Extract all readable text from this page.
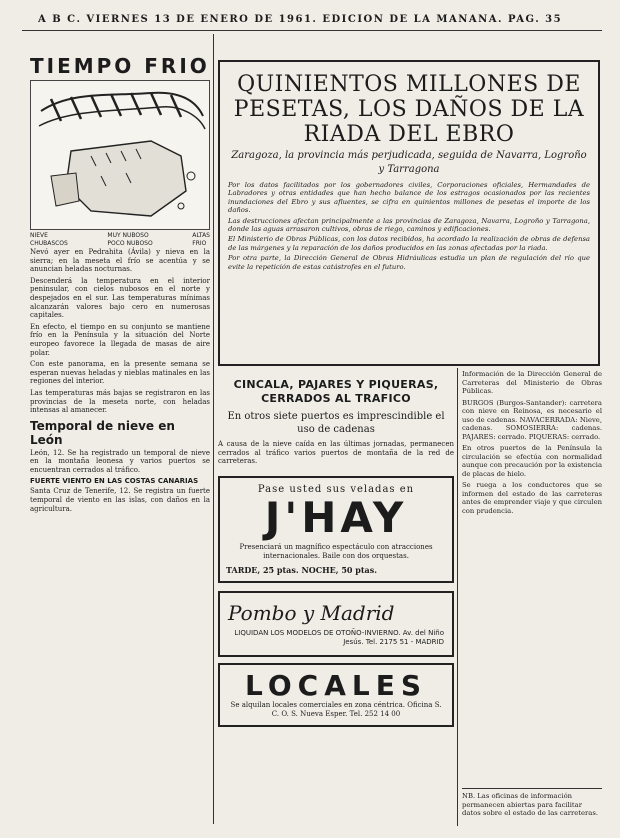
A B C. VIERNES 13 DE ENERO DE 1961. EDICION DE LA MAÑANA. PAG. 35
TIEMPO FRIO
NIEVE
CHUBASCOS
MUY NUBOSO
POCO NUBOSO
ALTAS
FRIO

Nevó ayer en Pedrahita (Ávila) y nieva en la sierra; en la meseta el frío se acentúa y se anuncian heladas nocturnas.

Descenderá la temperatura en el interior peninsular, con cielos nubosos en el norte y despejados en el sur. Las temperaturas mínimas alcanzarán valores bajo cero en numerosas capitales.

En efecto, el tiempo en su conjunto se mantiene frío en la Península y la situación del Norte europeo favorece la llegada de masas de aire polar.

Con este panorama, en la presente semana se esperan nuevas heladas y nieblas matinales en las regiones del interior.

Las temperaturas más bajas se registraron en las provincias de la meseta norte, con heladas intensas al amanecer.

Temporal de nieve en León

León, 12. Se ha registrado un temporal de nieve en la montaña leonesa y varios puertos se encuentran cerrados al tráfico.

FUERTE VIENTO EN LAS COSTAS CANARIAS

Santa Cruz de Tenerife, 12. Se registra un fuerte temporal de viento en las islas, con daños en la agricultura.

QUINIENTOS MILLONES DE PESETAS, LOS DAÑOS DE LA RIADA DEL EBRO
Zaragoza, la provincia más perjudicada, seguida de Navarra, Logroño y Tarragona

Por los datos facilitados por los gobernadores civiles, Corporaciones oficiales, Hermandades de Labradores y otras entidades que han hecho balance de los estragos ocasionados por las recientes inundaciones del Ebro y sus afluentes, se cifra en quinientos millones de pesetas el importe de los daños.

Las destrucciones afectan principalmente a las provincias de Zaragoza, Navarra, Logroño y Tarragona, donde las aguas arrasaron cultivos, obras de riego, caminos y edificaciones.

El Ministerio de Obras Públicas, con los datos recibidos, ha acordado la realización de obras de defensa de las márgenes y la reparación de los daños producidos en las zonas afectadas por la riada.

Por otra parte, la Dirección General de Obras Hidráulicas estudia un plan de regulación del río que evite la repetición de estas catástrofes en el futuro.

CINCALA, PAJARES Y PIQUERAS, CERRADOS AL TRAFICO
En otros siete puertos es imprescindible el uso de cadenas

A causa de la nieve caída en las últimas jornadas, permanecen cerrados al tráfico varios puertos de montaña de la red de carreteras.

Pase usted sus veladas en
J'HAY
Presenciará un magnífico espectáculo con atracciones internacionales. Baile con dos orquestas.
TARDE, 25 ptas. NOCHE, 50 ptas.
Pombo y Madrid
LIQUIDAN LOS MODELOS DE OTOÑO-INVIERNO. Av. del Niño Jesús. Tel. 2175 51 - MADRID
LOCALES
Se alquilan locales comerciales en zona céntrica. Oficina S. C. O. S. Nueva Esper. Tel. 252 14 00

Información de la Dirección General de Carreteras del Ministerio de Obras Públicas.

BURGOS (Burgos-Santander): carretera con nieve en Reinosa, es necesario el uso de cadenas. NAVACERRADA: Nieve, cadenas. SOMOSIERRA: cadenas. PAJARES: cerrado. PIQUERAS: cerrado.

En otros puertos de la Península la circulación se efectúa con normalidad aunque con precaución por la existencia de placas de hielo.

Se ruega a los conductores que se informen del estado de las carreteras antes de emprender viaje y que circulen con prudencia.

NB. Las oficinas de información permanecen abiertas para facilitar datos sobre el estado de las carreteras.
